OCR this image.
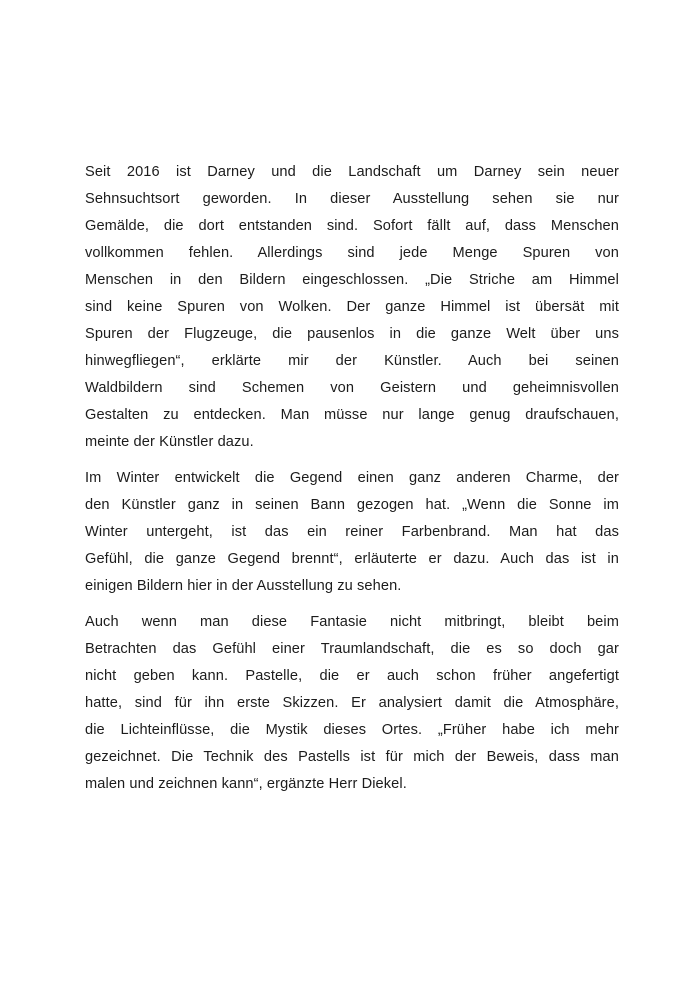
Seit 2016 ist Darney und die Landschaft um Darney sein neuer
Sehnsuchtsort geworden. In dieser Ausstellung sehen sie nur
Gemälde, die dort entstanden sind. Sofort fällt auf, dass Menschen
vollkommen fehlen. Allerdings sind jede Menge Spuren von
Menschen in den Bildern eingeschlossen. „Die Striche am Himmel
sind keine Spuren von Wolken. Der ganze Himmel ist übersät mit
Spuren der Flugzeuge, die pausenlos in die ganze Welt über uns
hinwegfliegen“, erklärte mir der Künstler. Auch bei seinen
Waldbildern sind Schemen von Geistern und geheimnisvollen
Gestalten zu entdecken. Man müsse nur lange genug draufschauen,
meinte der Künstler dazu.
Im Winter entwickelt die Gegend einen ganz anderen Charme, der
den Künstler ganz in seinen Bann gezogen hat. „Wenn die Sonne im
Winter untergeht, ist das ein reiner Farbenbrand. Man hat das
Gefühl, die ganze Gegend brennt“, erläuterte er dazu. Auch das ist in
einigen Bildern hier in der Ausstellung zu sehen.
Auch wenn man diese Fantasie nicht mitbringt, bleibt beim
Betrachten das Gefühl einer Traumlandschaft, die es so doch gar
nicht geben kann. Pastelle, die er auch schon früher angefertigt
hatte, sind für ihn erste Skizzen. Er analysiert damit die Atmosphäre,
die Lichteinflüsse, die Mystik dieses Ortes. „Früher habe ich mehr
gezeichnet. Die Technik des Pastells ist für mich der Beweis, dass man
malen und zeichnen kann“, ergänzte Herr Diekel.
